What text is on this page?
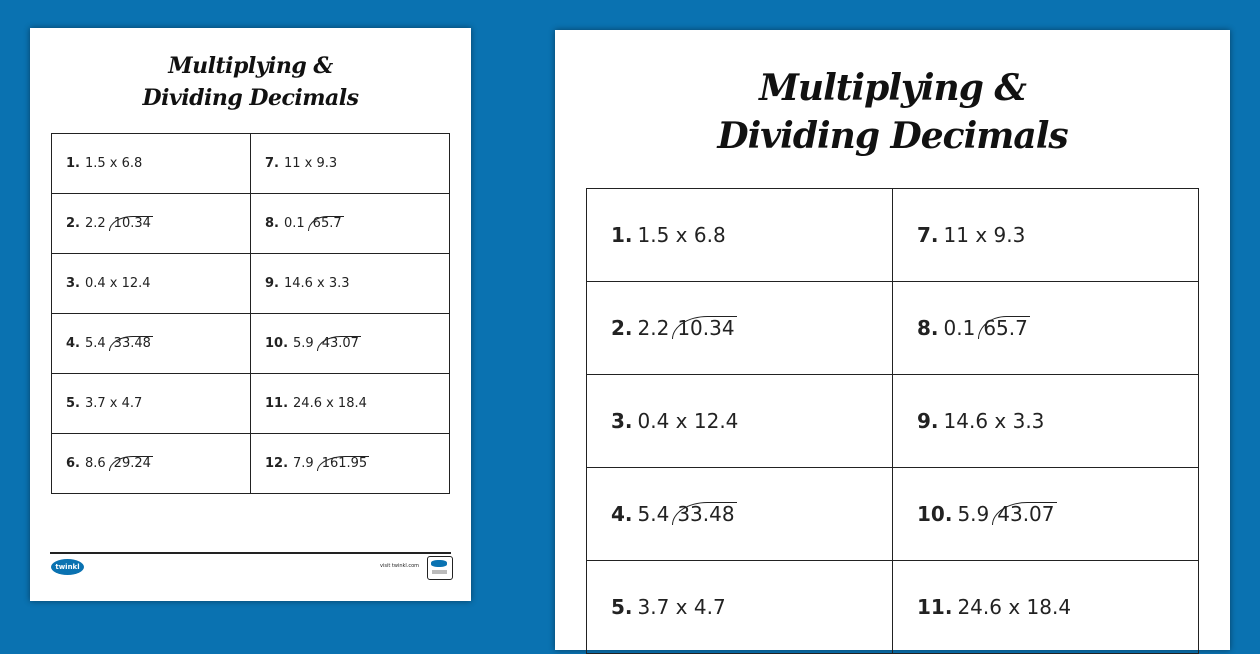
Multiplying &
Dividing Decimals
1. 1.5 x 6.8	7. 11 x 9.3
2. 2.2 10.34	8. 0.1 65.7
3. 0.4 x 12.4	9. 14.6 x 3.3
4. 5.4 33.48	10. 5.9 43.07
5. 3.7 x 4.7	11. 24.6 x 18.4
6. 8.6 29.24	12. 7.9 161.95
twinkl	visit twinkl.com
Multiplying &
Dividing Decimals
1. 1.5 x 6.8	7. 11 x 9.3
2. 2.2 10.34	8. 0.1 65.7
3. 0.4 x 12.4	9. 14.6 x 3.3
4. 5.4 33.48	10. 5.9 43.07
5. 3.7 x 4.7	11. 24.6 x 18.4
